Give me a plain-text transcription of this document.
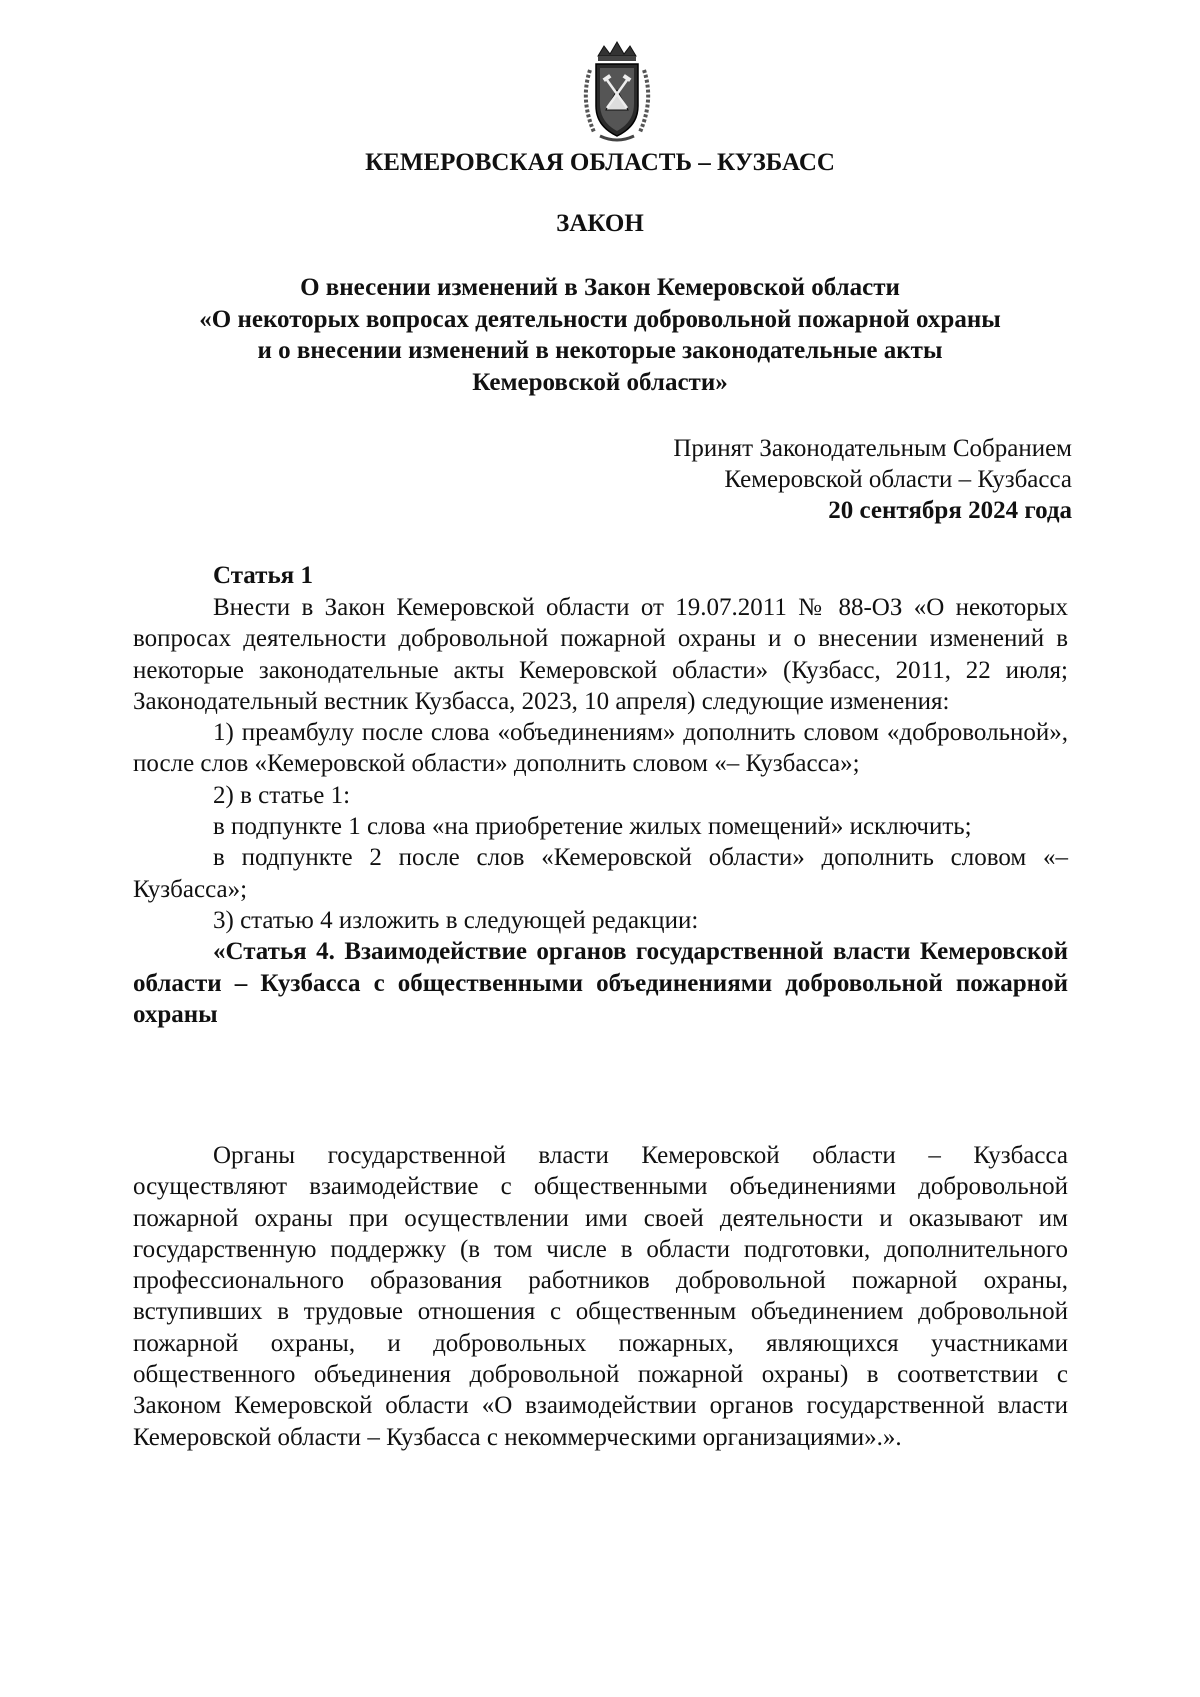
КЕМЕРОВСКАЯ ОБЛАСТЬ – КУЗБАСС
ЗАКОН
О внесении изменений в Закон Кемеровской области
«О некоторых вопросах деятельности добровольной пожарной охраны
и о внесении изменений в некоторые законодательные акты
Кемеровской области»
Принят Законодательным Собранием
Кемеровской области – Кузбасса
20 сентября 2024 года
Статья 1
Внести в Закон Кемеровской области от 19.07.2011 № 88-ОЗ «О некоторых вопросах деятельности добровольной пожарной охраны и о внесении изменений в некоторые законодательные акты Кемеровской области» (Кузбасс, 2011, 22 июля; Законодательный вестник Кузбасса, 2023, 10 апреля) следующие изменения:
1) преамбулу после слова «объединениям» дополнить словом «добровольной», после слов «Кемеровской области» дополнить словом «– Кузбасса»;
2) в статье 1:
в подпункте 1 слова «на приобретение жилых помещений» исключить;
в подпункте 2 после слов «Кемеровской области» дополнить словом «– Кузбасса»;
3) статью 4 изложить в следующей редакции:
«Статья 4. Взаимодействие органов государственной власти Кемеровской области – Кузбасса с общественными объединениями добровольной пожарной охраны
Органы государственной власти Кемеровской области – Кузбасса осуществляют взаимодействие с общественными объединениями добровольной пожарной охраны при осуществлении ими своей деятельности и оказывают им государственную поддержку (в том числе в области подготовки, дополнительного профессионального образования работников добровольной пожарной охраны, вступивших в трудовые отношения с общественным объединением добровольной пожарной охраны, и добровольных пожарных, являющихся участниками общественного объединения добровольной пожарной охраны) в соответствии с Законом Кемеровской области «О взаимодействии органов государственной власти Кемеровской области – Кузбасса с некоммерческими организациями».».
